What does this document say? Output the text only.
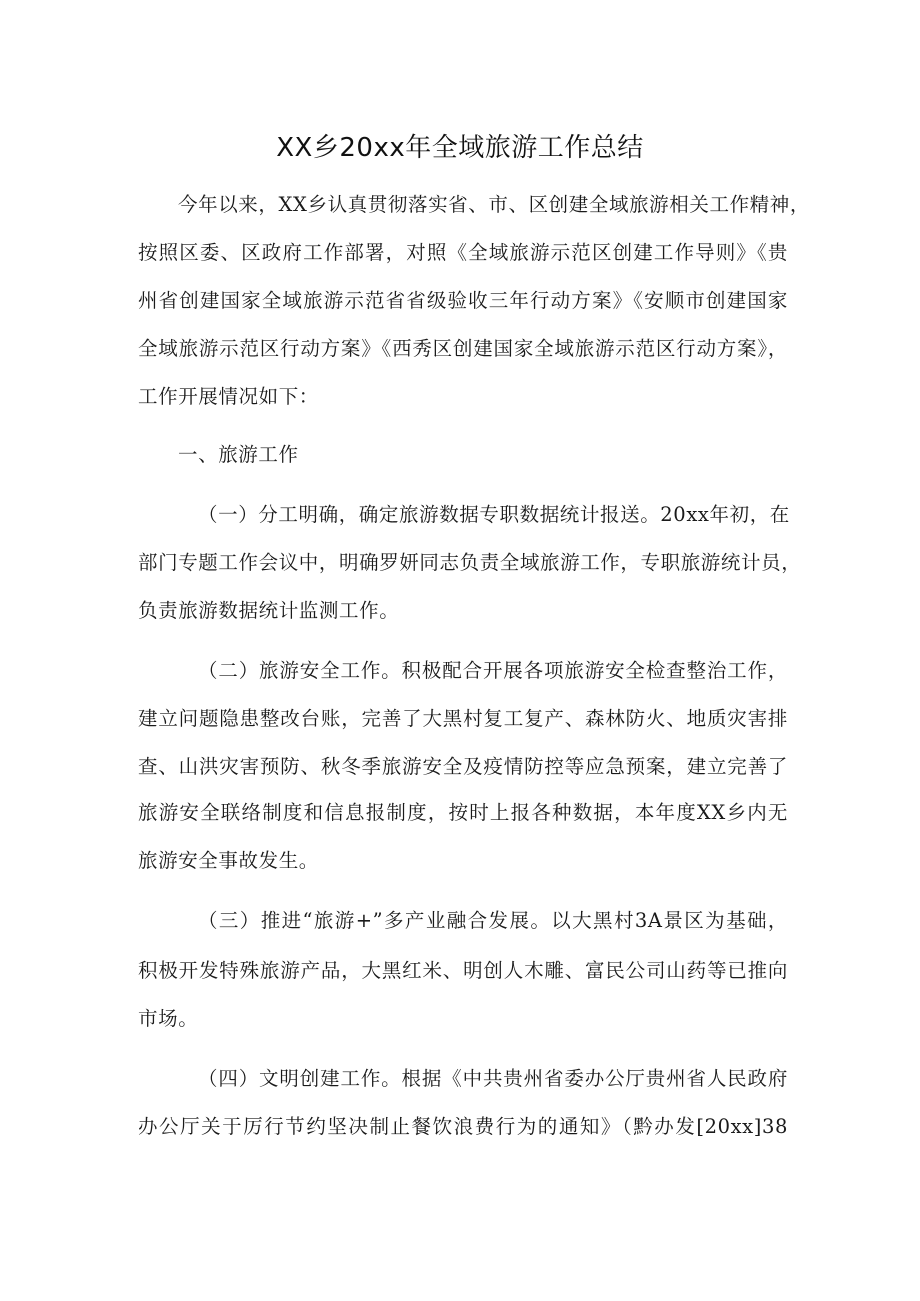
XX乡20xx年全域旅游工作总结
今年以来，XX乡认真贯彻落实省、市、区创建全域旅游相关工作精神，
按照区委、区政府工作部署，对照《全域旅游示范区创建工作导则》《贵
州省创建国家全域旅游示范省省级验收三年行动方案》《安顺市创建国家
全域旅游示范区行动方案》《西秀区创建国家全域旅游示范区行动方案》，
工作开展情况如下：
一、旅游工作
（一）分工明确，确定旅游数据专职数据统计报送。20xx年初，在
部门专题工作会议中，明确罗妍同志负责全域旅游工作，专职旅游统计员，
负责旅游数据统计监测工作。
（二）旅游安全工作。积极配合开展各项旅游安全检查整治工作，
建立问题隐患整改台账，完善了大黑村复工复产、森林防火、地质灾害排
查、山洪灾害预防、秋冬季旅游安全及疫情防控等应急预案，建立完善了
旅游安全联络制度和信息报制度，按时上报各种数据，本年度XX乡内无
旅游安全事故发生。
（三）推进“旅游+”多产业融合发展。以大黑村3A景区为基础，
积极开发特殊旅游产品，大黑红米、明创人木雕、富民公司山药等已推向
市场。
（四）文明创建工作。根据《中共贵州省委办公厅贵州省人民政府
办公厅关于厉行节约坚决制止餐饮浪费行为的通知》（黔办发[20xx]38
